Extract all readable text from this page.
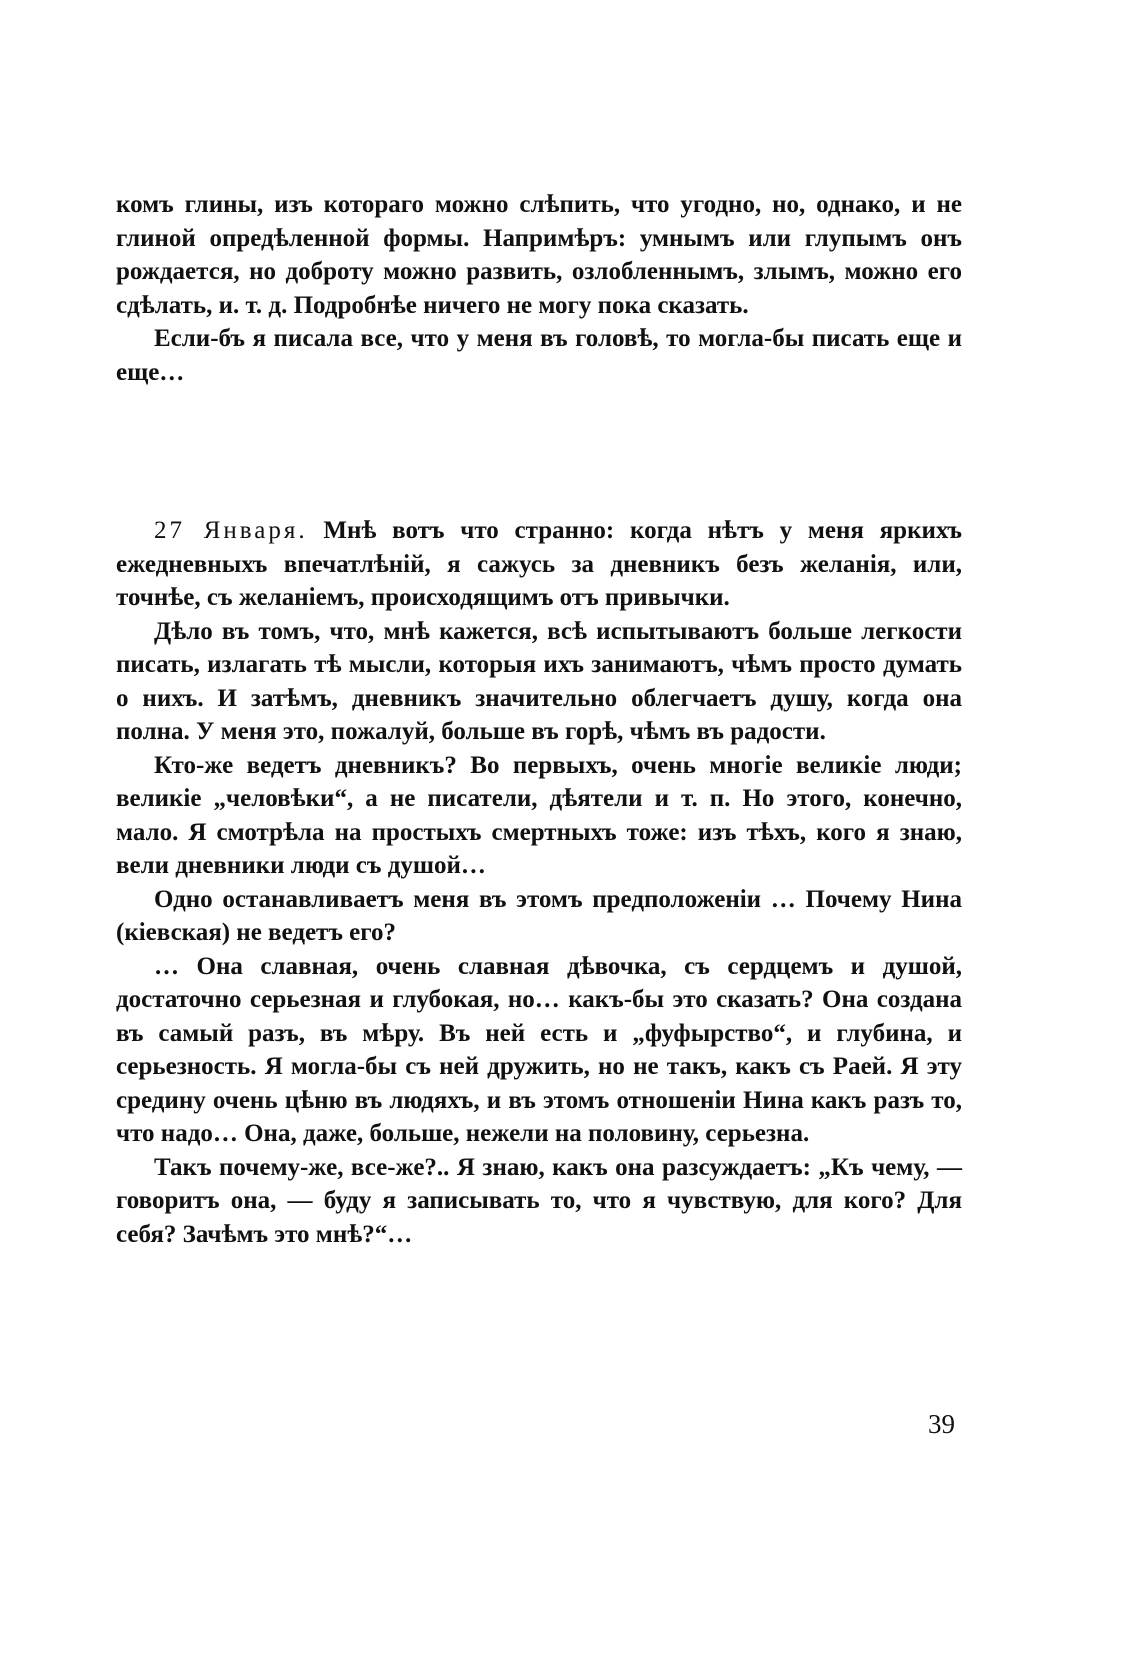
комъ глины, изъ котораго можно слѣпить, что угодно, но, однако, и не глиной опредѣленной формы. Напримѣръ: умнымъ или глупымъ онъ рождается, но доброту можно развить, озлобленнымъ, злымъ, можно его сдѣлать, и. т. д. Подробнѣе ничего не могу пока сказать.

Если-бъ я писала все, что у меня въ головѣ, то могла-бы писать еще и еще…

27 Января. Мнѣ вотъ что странно: когда нѣтъ у меня яркихъ ежедневныхъ впечатлѣній, я сажусь за дневникъ безъ желанія, или, точнѣе, съ желаніемъ, происходящимъ отъ привычки.

Дѣло въ томъ, что, мнѣ кажется, всѣ испытываютъ больше легкости писать, излагать тѣ мысли, которыя ихъ занимаютъ, чѣмъ просто думать о нихъ. И затѣмъ, дневникъ значительно облегчаетъ душу, когда она полна. У меня это, пожалуй, больше въ горѣ, чѣмъ въ радости.

Кто-же ведетъ дневникъ? Во первыхъ, очень многіе великіе люди; великіе „человѣки“, а не писатели, дѣятели и т. п. Но этого, конечно, мало. Я смотрѣла на простыхъ смертныхъ тоже: изъ тѣхъ, кого я знаю, вели дневники люди съ душой…

Одно останавливаетъ меня въ этомъ предположеніи … Почему Нина (кіевская) не ведетъ его?

… Она славная, очень славная дѣвочка, съ сердцемъ и душой, достаточно серьезная и глубокая, но… какъ-бы это сказать? Она создана въ самый разъ, въ мѣру. Въ ней есть и „фуфырство“, и глубина, и серьезность. Я могла-бы съ ней дружить, но не такъ, какъ съ Раей. Я эту средину очень цѣню въ людяхъ, и въ этомъ отношеніи Нина какъ разъ то, что надо… Она, даже, больше, нежели на половину, серьезна.

Такъ почему-же, все-же?.. Я знаю, какъ она разсуждаетъ: „Къ чему, — говоритъ она, — буду я записывать то, что я чувствую, для кого? Для себя? Зачѣмъ это мнѣ?“…

39
